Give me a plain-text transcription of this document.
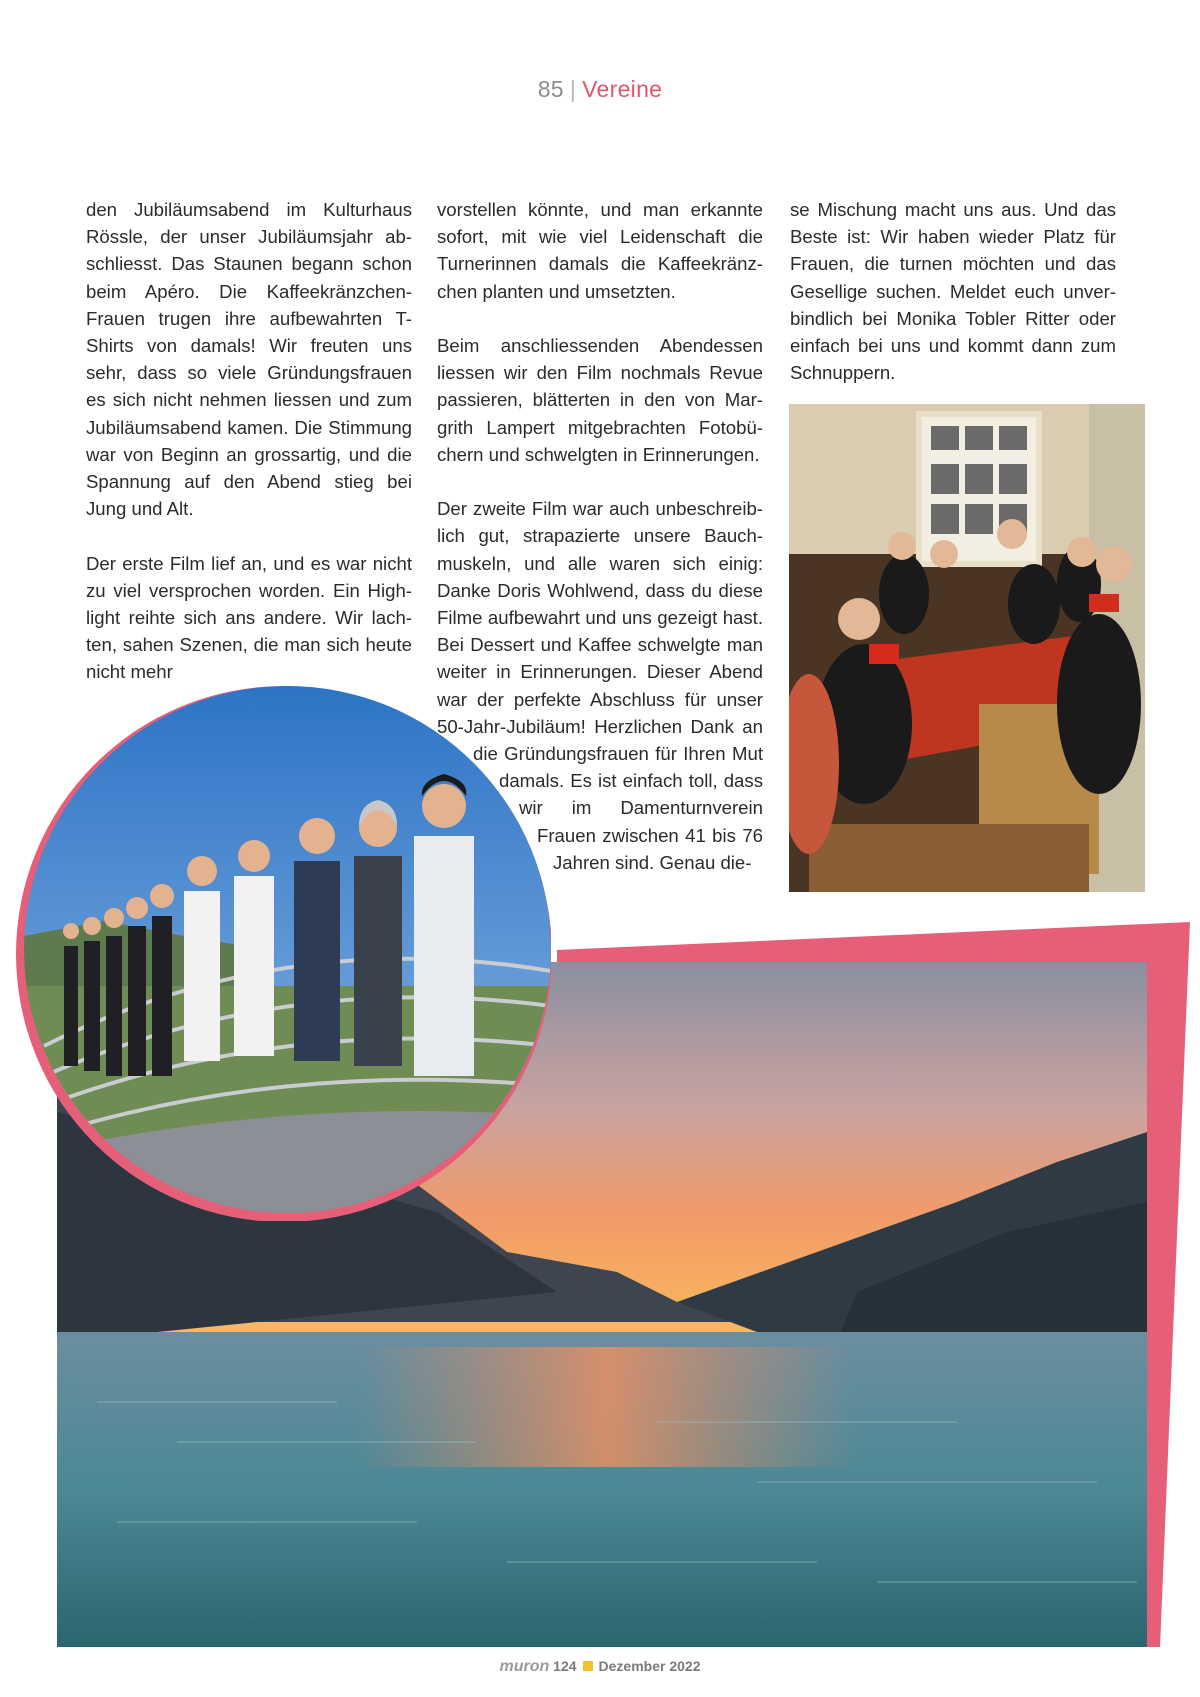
85 | Vereine

den Jubiläumsabend im Kulturhaus Rössle, der unser Jubiläumsjahr abschliesst. Das Staunen begann schon beim Apéro. Die Kaffeekränzchen-Frauen trugen ihre aufbewahrten T-Shirts von damals! Wir freuten uns sehr, dass so viele Gründungsfrauen es sich nicht nehmen liessen und zum Jubiläumsabend kamen. Die Stimmung war von Beginn an grossartig, und die Spannung auf den Abend stieg bei Jung und Alt.

Der erste Film lief an, und es war nicht zu viel versprochen worden. Ein Highlight reihte sich ans andere. Wir lachten, sahen Szenen, die man sich heute nicht mehr

vorstellen könnte, und man erkannte sofort, mit wie viel Leidenschaft die Turnerinnen damals die Kaffeekränzchen planten und umsetzten.

Beim anschliessenden Abendessen liessen wir den Film nochmals Revue passieren, blätterten in den von Margrith Lampert mitgebrachten Fotobüchern und schwelgten in Erinnerungen.

Der zweite Film war auch unbeschreiblich gut, strapazierte unsere Bauchmuskeln, und alle waren sich einig: Danke Doris Wohlwend, dass du diese Filme aufbewahrt und uns gezeigt hast. Bei Dessert und Kaffee schwelgte man weiter in Erinnerungen. Dieser Abend war der perfekte Abschluss für unser 50-Jahr-Jubiläum! Herzlichen Dank an die Gründungsfrauen für Ihren Mut damals. Es ist einfach toll, dass wir im Damenturnverein Frauen zwischen 41 bis 76 Jahren sind. Genau die-

se Mischung macht uns aus. Und das Beste ist: Wir haben wieder Platz für Frauen, die turnen möchten und das Gesellige suchen. Meldet euch unverbindlich bei Monika Tobler Ritter oder einfach bei uns und kommt dann zum Schnuppern.

muron 124 Dezember 2022
